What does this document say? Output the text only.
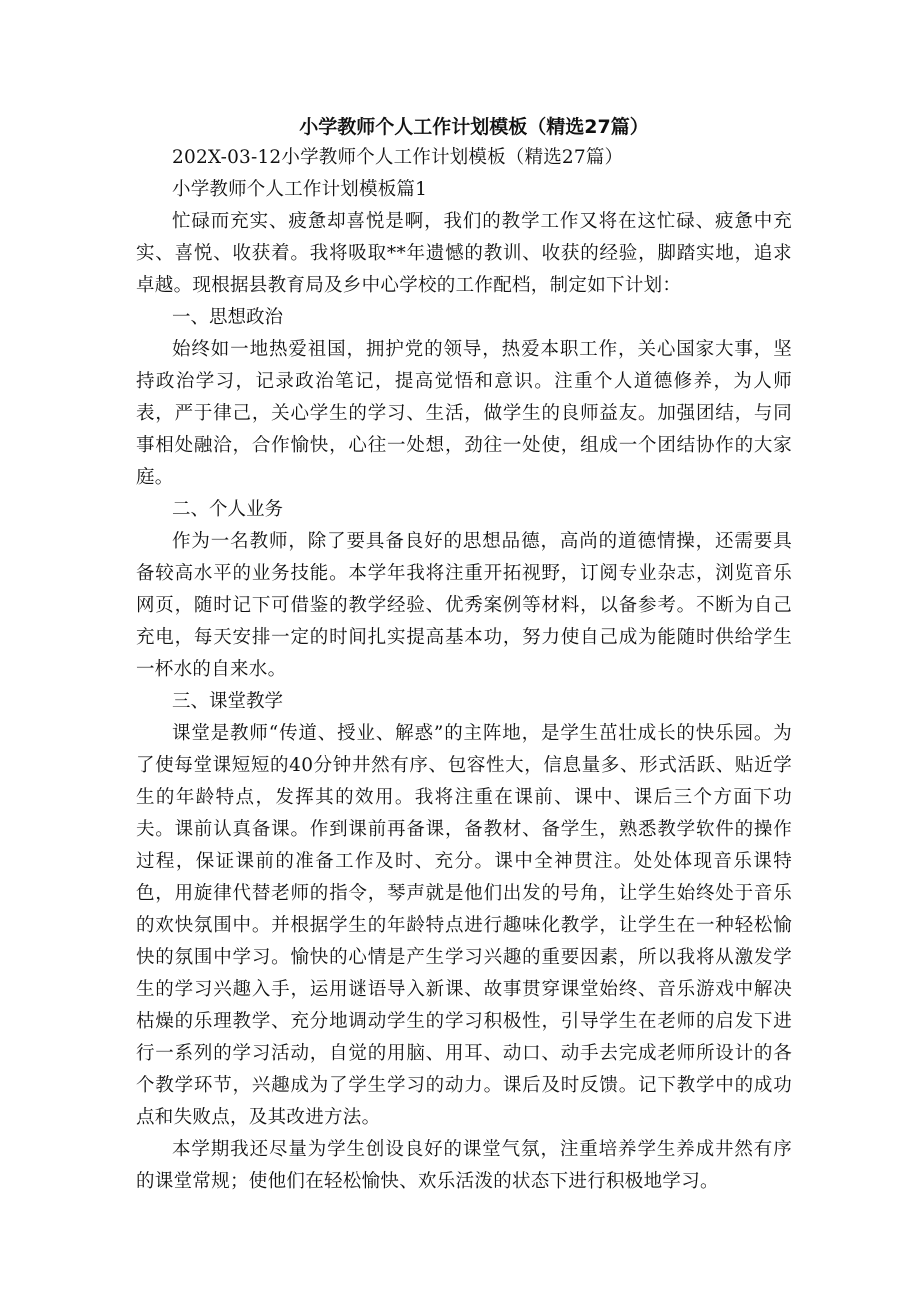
小学教师个人工作计划模板（精选27篇）

202X-03-12小学教师个人工作计划模板（精选27篇）

小学教师个人工作计划模板篇1

忙碌而充实、疲惫却喜悦是啊，我们的教学工作又将在这忙碌、疲惫中充实、喜悦、收获着。我将吸取**年遗憾的教训、收获的经验，脚踏实地，追求卓越。现根据县教育局及乡中心学校的工作配档，制定如下计划：

一、思想政治

始终如一地热爱祖国，拥护党的领导，热爱本职工作，关心国家大事，坚持政治学习，记录政治笔记，提高觉悟和意识。注重个人道德修养，为人师表，严于律己，关心学生的学习、生活，做学生的良师益友。加强团结，与同事相处融洽，合作愉快，心往一处想，劲往一处使，组成一个团结协作的大家庭。

二、个人业务

作为一名教师，除了要具备良好的思想品德，高尚的道德情操，还需要具备较高水平的业务技能。本学年我将注重开拓视野，订阅专业杂志，浏览音乐网页，随时记下可借鉴的教学经验、优秀案例等材料，以备参考。不断为自己充电，每天安排一定的时间扎实提高基本功，努力使自己成为能随时供给学生一杯水的自来水。

三、课堂教学

课堂是教师“传道、授业、解惑”的主阵地，是学生茁壮成长的快乐园。为了使每堂课短短的40分钟井然有序、包容性大，信息量多、形式活跃、贴近学生的年龄特点，发挥其的效用。我将注重在课前、课中、课后三个方面下功夫。课前认真备课。作到课前再备课，备教材、备学生，熟悉教学软件的操作过程，保证课前的准备工作及时、充分。课中全神贯注。处处体现音乐课特色，用旋律代替老师的指令，琴声就是他们出发的号角，让学生始终处于音乐的欢快氛围中。并根据学生的年龄特点进行趣味化教学，让学生在一种轻松愉快的氛围中学习。愉快的心情是产生学习兴趣的重要因素，所以我将从激发学生的学习兴趣入手，运用谜语导入新课、故事贯穿课堂始终、音乐游戏中解决枯燥的乐理教学、充分地调动学生的学习积极性，引导学生在老师的启发下进行一系列的学习活动，自觉的用脑、用耳、动口、动手去完成老师所设计的各个教学环节，兴趣成为了学生学习的动力。课后及时反馈。记下教学中的成功点和失败点，及其改进方法。

本学期我还尽量为学生创设良好的课堂气氛，注重培养学生养成井然有序的课堂常规；使他们在轻松愉快、欢乐活泼的状态下进行积极地学习。
